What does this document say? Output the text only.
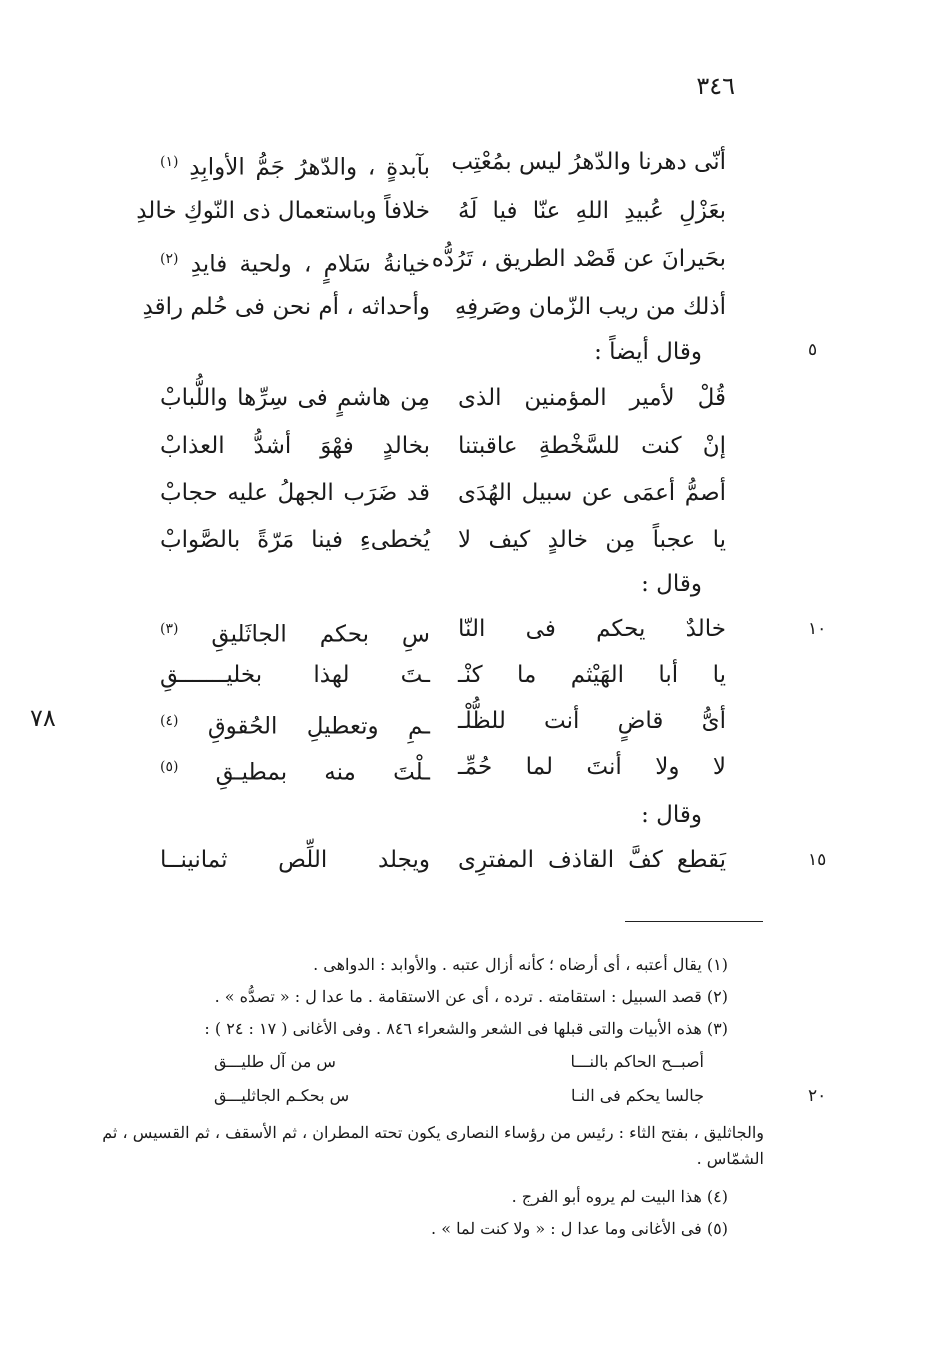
٣٤٦
٧٨
٥
١٠
١٥
٢٠
أنّى دهرنا والدّهرُ ليس بمُعْتِب
بآبدةٍ ، والدّهرُ جَمُّ الأوابِدِ $^{(١)}$
بعَزْلِ عُبيدِ اللهِ عنّا فيا لَهُ
خلافاً وباستعمال ذى النّوكِ خالدِ
بحَيرانَ عن قَصْد الطريق ، تَرُدُّه
خيانةُ سَلامٍ ، ولحية فايدِ $^{(٢)}$
أذلك من ريب الزّمان وصَرفِهِ
وأحداثه ، أم نحن فى حُلم راقدِ
وقال أيضاً :
قُلْ لأمير المؤمنين الذى
مِن هاشمٍ فى سِرِّها واللُّبابْ
إنْ كنت للسَّخْطةِ عاقبتنا
بخالدٍ فهْوَ أشدُّ العذابْ
أصمُّ أعمَى عن سبيل الهُدَى
قد ضَرَب الجهلُ عليه حجابْ
يا عجباً مِن خالدٍ كيف لا
يُخطىءِ فينا مَرّةً بالصَّوابْ
وقال :
خالدٌ يحكم فى النّا
سِ بحكم الجاثَليقِ $^{(٣)}$
يا أبا الهَيْثم ما كنْـ
ـتَ لهذا بخليـــــــقِ
أىُّ قاضٍ أنت للظُّلْـ
ـمِ وتعطيلِ الحُقوقِ $^{(٤)}$
لا ولا أنتَ لما حُمِّـ
ـلْتَ منه بمطيـقِ $^{(٥)}$
وقال :
يَقطع كفَّ القاذف المفترِى
ويجلد اللِّص ثمانينــا
(١) يقال أعتبه ، أى أرضاه ؛ كأنه أزال عتبه . والأوابد : الدواهى .
(٢) قصد السبيل : استقامته . ترده ، أى عن الاستقامة . ما عدا ل : « تصدُّه » .
(٣) هذه الأبيات والتى قبلها فى الشعر والشعراء ٨٤٦ . وفى الأغانى ( ١٧ : ٢٤ ) :
أصبــح الحاكم بالنـــا
س من آل طليـــق
جالسا يحكم فى النـا
س بحكـم الجاثليـــق
والجاثليق ، بفتح الثاء : رئيس من رؤساء النصارى يكون تحته المطران ، ثم الأسقف ، ثم القسيس ، ثم الشمّاس .
(٤) هذا البيت لم يروه أبو الفرج .
(٥) فى الأغانى وما عدا ل : « ولا كنت لما » .
